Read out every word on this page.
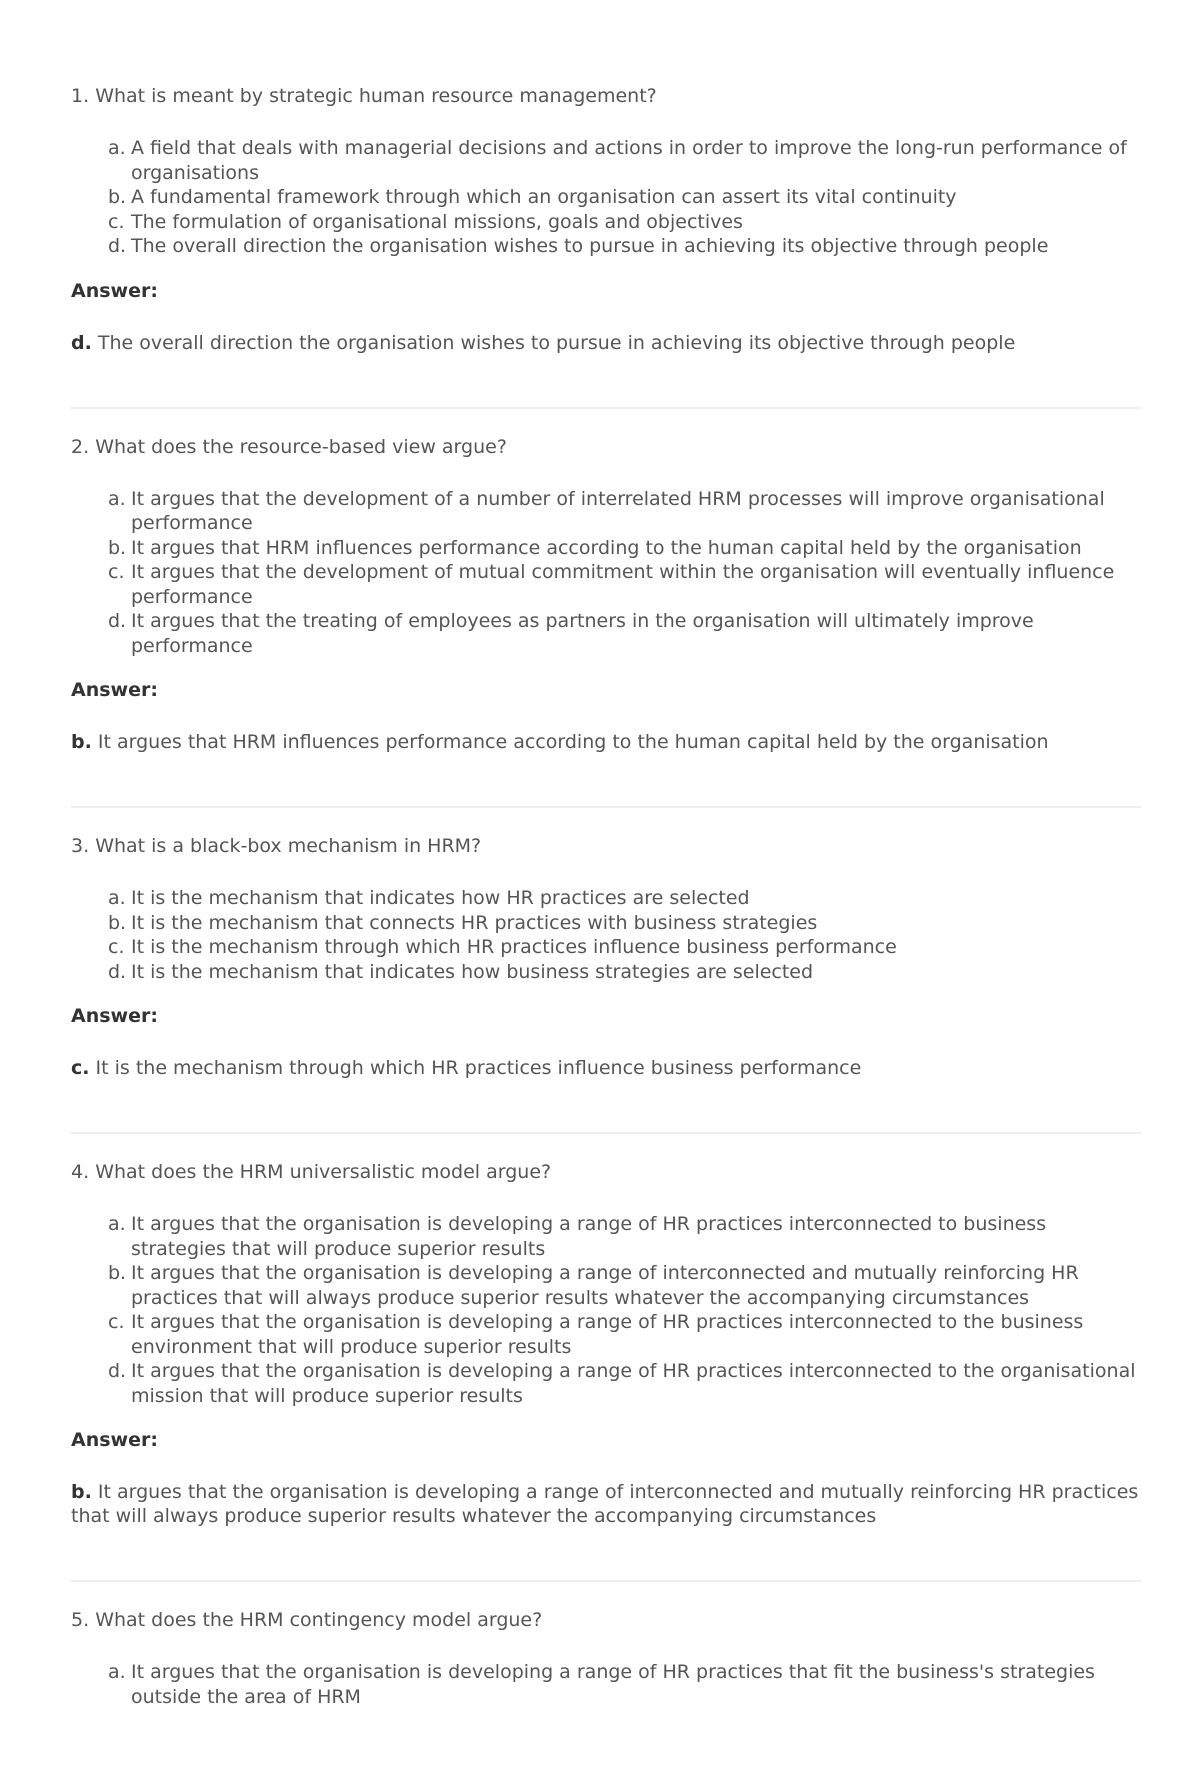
1. What is meant by strategic human resource management?

a. A field that deals with managerial decisions and actions in order to improve the long-run performance of organisations
b. A fundamental framework through which an organisation can assert its vital continuity
c. The formulation of organisational missions, goals and objectives
d. The overall direction the organisation wishes to pursue in achieving its objective through people

Answer:

d. The overall direction the organisation wishes to pursue in achieving its objective through people

2. What does the resource-based view argue?

a. It argues that the development of a number of interrelated HRM processes will improve organisational performance
b. It argues that HRM influences performance according to the human capital held by the organisation
c. It argues that the development of mutual commitment within the organisation will eventually influence performance
d. It argues that the treating of employees as partners in the organisation will ultimately improve performance

Answer:

b. It argues that HRM influences performance according to the human capital held by the organisation

3. What is a black-box mechanism in HRM?

a. It is the mechanism that indicates how HR practices are selected
b. It is the mechanism that connects HR practices with business strategies
c. It is the mechanism through which HR practices influence business performance
d. It is the mechanism that indicates how business strategies are selected

Answer:

c. It is the mechanism through which HR practices influence business performance

4. What does the HRM universalistic model argue?

a. It argues that the organisation is developing a range of HR practices interconnected to business strategies that will produce superior results
b. It argues that the organisation is developing a range of interconnected and mutually reinforcing HR practices that will always produce superior results whatever the accompanying circumstances
c. It argues that the organisation is developing a range of HR practices interconnected to the business environment that will produce superior results
d. It argues that the organisation is developing a range of HR practices interconnected to the organisational mission that will produce superior results

Answer:

b. It argues that the organisation is developing a range of interconnected and mutually reinforcing HR practices that will always produce superior results whatever the accompanying circumstances

5. What does the HRM contingency model argue?

a. It argues that the organisation is developing a range of HR practices that fit the business's strategies outside the area of HRM
